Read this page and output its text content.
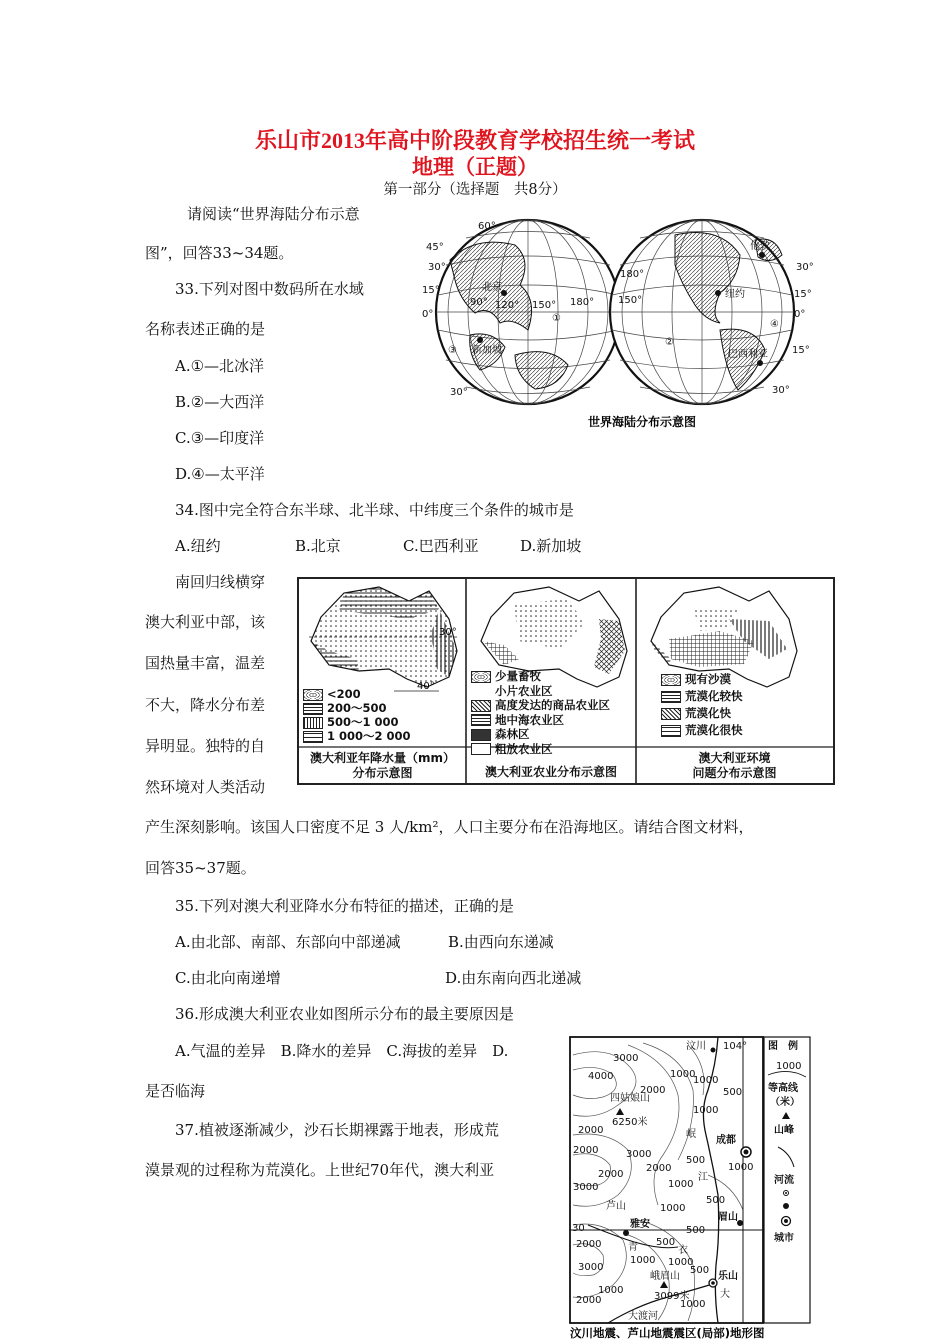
乐山市2013年高中阶段教育学校招生统一考试
地理（正题）
第一部分（选择题　共8分）
请阅读“世界海陆分布示意
图”，回答33~34题。
33.下列对图中数码所在水域
名称表述正确的是
A.①—北冰洋
B.②—大西洋
C.③—印度洋
D.④—太平洋
34.图中完全符合东半球、北半球、中纬度三个条件的城市是
A.纽约	B.北京	C.巴西利亚	D.新加坡
北京
新加坡
①
③
60°
45°
30°
15°
0°
30°
90° 120° 150° 180°
伦敦
纽约
巴西利亚
②
④
180°
150°
30°
15°
0°
15°
30°
世界海陆分布示意图
南回归线横穿
澳大利亚中部，该
国热量丰富，温差
不大，降水分布差
异明显。独特的自
然环境对人类活动
产生深刻影响。该国人口密度不足 3 人/km²，人口主要分布在沿海地区。请结合图文材料，
回答35~37题。
30°
40°
<200
200～500
500～1 000
1 000～2 000
澳大利亚年降水量（mm）
分布示意图
少量畜牧
小片农业区
高度发达的商品农业区
地中海农业区
森林区
粗放农业区
澳大利亚农业分布示意图
现有沙漠
荒漠化较快
荒漠化快
荒漠化很快
澳大利亚环境
问题分布示意图
35.下列对澳大利亚降水分布特征的描述，正确的是
A.由北部、南部、东部向中部递减	B.由西向东递减
C.由北向南递增	D.由东南向西北递减
36.形成澳大利亚农业如图所示分布的最主要原因是
A.气温的差异　B.降水的差异　C.海拔的差异　D.
是否临海
37.植被逐渐减少，沙石长期裸露于地表，形成荒
漠景观的过程称为荒漠化。上世纪70年代，澳大利亚
汶川 104°
成都
雅安
眉山
乐山
芦山
四姑娘山
6250米
峨眉山
3099米
30
岷
江
青	衣
大渡河
大
3000
4000
2000
1000
3000
2000
1000
500
500
3000
2000
1000
500
1000
2000
2000
3000
1000
1000
500
2000	1000
500
1000
2000
1000
500
1000
图　例
1000
等高线
（米）
山峰
河流
城市
汶川地震、芦山地震震区(局部)地形图
